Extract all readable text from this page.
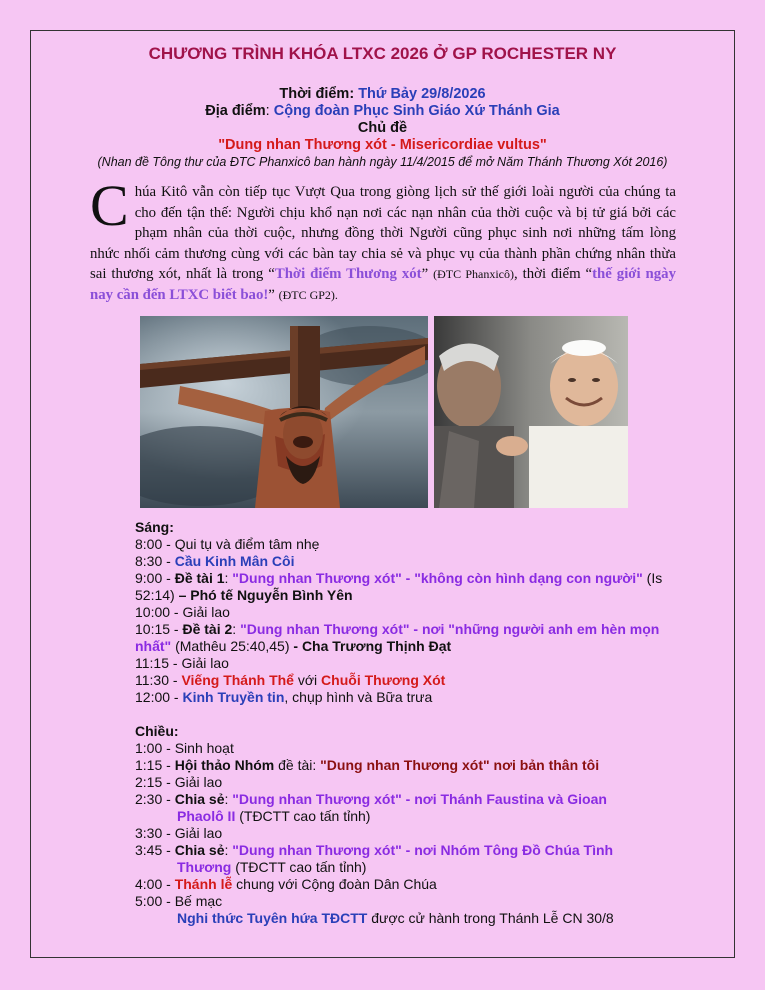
CHƯƠNG TRÌNH KHÓA LTXC 2026 Ở GP ROCHESTER NY
Thời điểm: Thứ Bảy 29/8/2026
Địa điểm: Cộng đoàn Phục Sinh Giáo Xứ Thánh Gia
Chủ đề
"Dung nhan Thương xót - Misericordiae vultus"
(Nhan đề Tông thư của ĐTC Phanxicô ban hành ngày 11/4/2015 để mở Năm Thánh Thương Xót 2016)
Chúa Kitô vẫn còn tiếp tục Vượt Qua trong giòng lịch sử thế giới loài người của chúng ta cho đến tận thế: Người chịu khổ nạn nơi các nạn nhân của thời cuộc và bị tử giá bởi các phạm nhân của thời cuộc, nhưng đồng thời Người cũng phục sinh nơi những tấm lòng nhức nhối cảm thương cùng với các bàn tay chia sẻ và phục vụ của thành phần chứng nhân thừa sai thương xót, nhất là trong “Thời điểm Thương xót” (ĐTC Phanxicô), thời điểm “thế giới ngày nay cần đến LTXC biết bao!” (ĐTC GP2).
Sáng:
8:00 - Qui tụ và điểm tâm nhẹ
8:30 - Cầu Kinh Mân Côi
9:00 - Đề tài 1: "Dung nhan Thương xót" - "không còn hình dạng con người" (Is 52:14) – Phó tế Nguyễn Bình Yên
10:00 - Giải lao
10:15 - Đề tài 2: "Dung nhan Thương xót" - nơi "những người anh em hèn mọn nhất" (Mathêu 25:40,45) - Cha Trương Thịnh Đạt
11:15 - Giải lao
11:30 - Viếng Thánh Thể với Chuỗi Thương Xót
12:00 - Kinh Truyền tin, chụp hình và Bữa trưa
Chiều:
1:00 - Sinh hoạt
1:15 - Hội thảo Nhóm đề tài: "Dung nhan Thương xót" nơi bản thân tôi
2:15 - Giải lao
2:30 - Chia sẻ: "Dung nhan Thương xót" - nơi Thánh Faustina và Gioan
Phaolô II (TĐCTT cao tấn tỉnh)
3:30 - Giải lao
3:45 - Chia sẻ: "Dung nhan Thương xót" - nơi Nhóm Tông Đồ Chúa Tình
Thương (TĐCTT cao tấn tỉnh)
4:00 - Thánh lễ chung với Cộng đoàn Dân Chúa
5:00 - Bế mạc
Nghi thức Tuyên hứa TĐCTT được cử hành trong Thánh Lễ CN 30/8
